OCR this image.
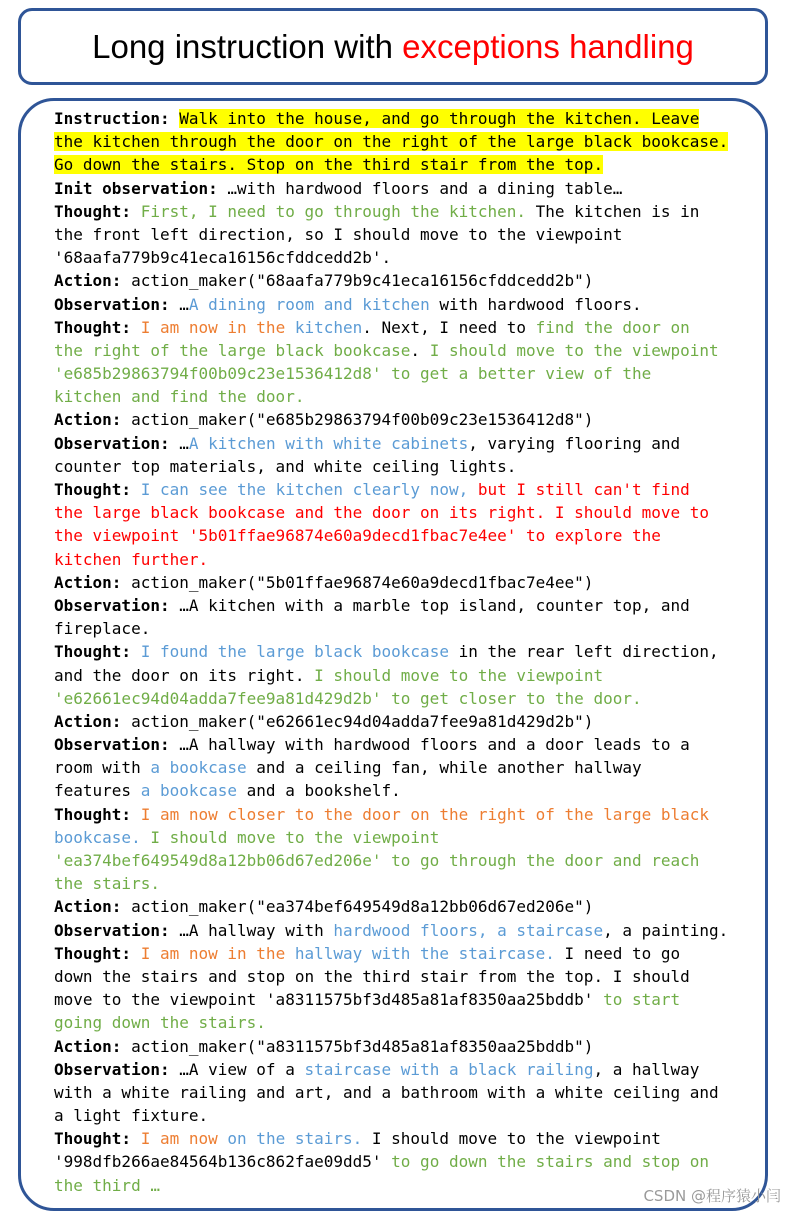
Long instruction with exceptions handling
Instruction: Walk into the house, and go through the kitchen. Leave
the kitchen through the door on the right of the large black bookcase.
Go down the stairs. Stop on the third stair from the top.
Init observation: …with hardwood floors and a dining table…
Thought: First, I need to go through the kitchen. The kitchen is in
the front left direction, so I should move to the viewpoint
'68aafa779b9c41eca16156cfddcedd2b'.
Action: action_maker("68aafa779b9c41eca16156cfddcedd2b")
Observation: …A dining room and kitchen with hardwood floors.
Thought: I am now in the kitchen. Next, I need to find the door on
the right of the large black bookcase. I should move to the viewpoint
'e685b29863794f00b09c23e1536412d8' to get a better view of the
kitchen and find the door.
Action: action_maker("e685b29863794f00b09c23e1536412d8")
Observation: …A kitchen with white cabinets, varying flooring and
counter top materials, and white ceiling lights.
Thought: I can see the kitchen clearly now, but I still can't find
the large black bookcase and the door on its right. I should move to
the viewpoint '5b01ffae96874e60a9decd1fbac7e4ee' to explore the
kitchen further.
Action: action_maker("5b01ffae96874e60a9decd1fbac7e4ee")
Observation: …A kitchen with a marble top island, counter top, and
fireplace.
Thought: I found the large black bookcase in the rear left direction,
and the door on its right. I should move to the viewpoint
'e62661ec94d04adda7fee9a81d429d2b' to get closer to the door.
Action: action_maker("e62661ec94d04adda7fee9a81d429d2b")
Observation: …A hallway with hardwood floors and a door leads to a
room with a bookcase and a ceiling fan, while another hallway
features a bookcase and a bookshelf.
Thought: I am now closer to the door on the right of the large black
bookcase. I should move to the viewpoint
'ea374bef649549d8a12bb06d67ed206e' to go through the door and reach
the stairs.
Action: action_maker("ea374bef649549d8a12bb06d67ed206e")
Observation: …A hallway with hardwood floors, a staircase, a painting.
Thought: I am now in the hallway with the staircase. I need to go
down the stairs and stop on the third stair from the top. I should
move to the viewpoint 'a8311575bf3d485a81af8350aa25bddb' to start
going down the stairs.
Action: action_maker("a8311575bf3d485a81af8350aa25bddb")
Observation: …A view of a staircase with a black railing, a hallway
with a white railing and art, and a bathroom with a white ceiling and
a light fixture.
Thought: I am now on the stairs. I should move to the viewpoint
'998dfb266ae84564b136c862fae09dd5' to go down the stairs and stop on
the third …
CSDN @程序猿小闫
